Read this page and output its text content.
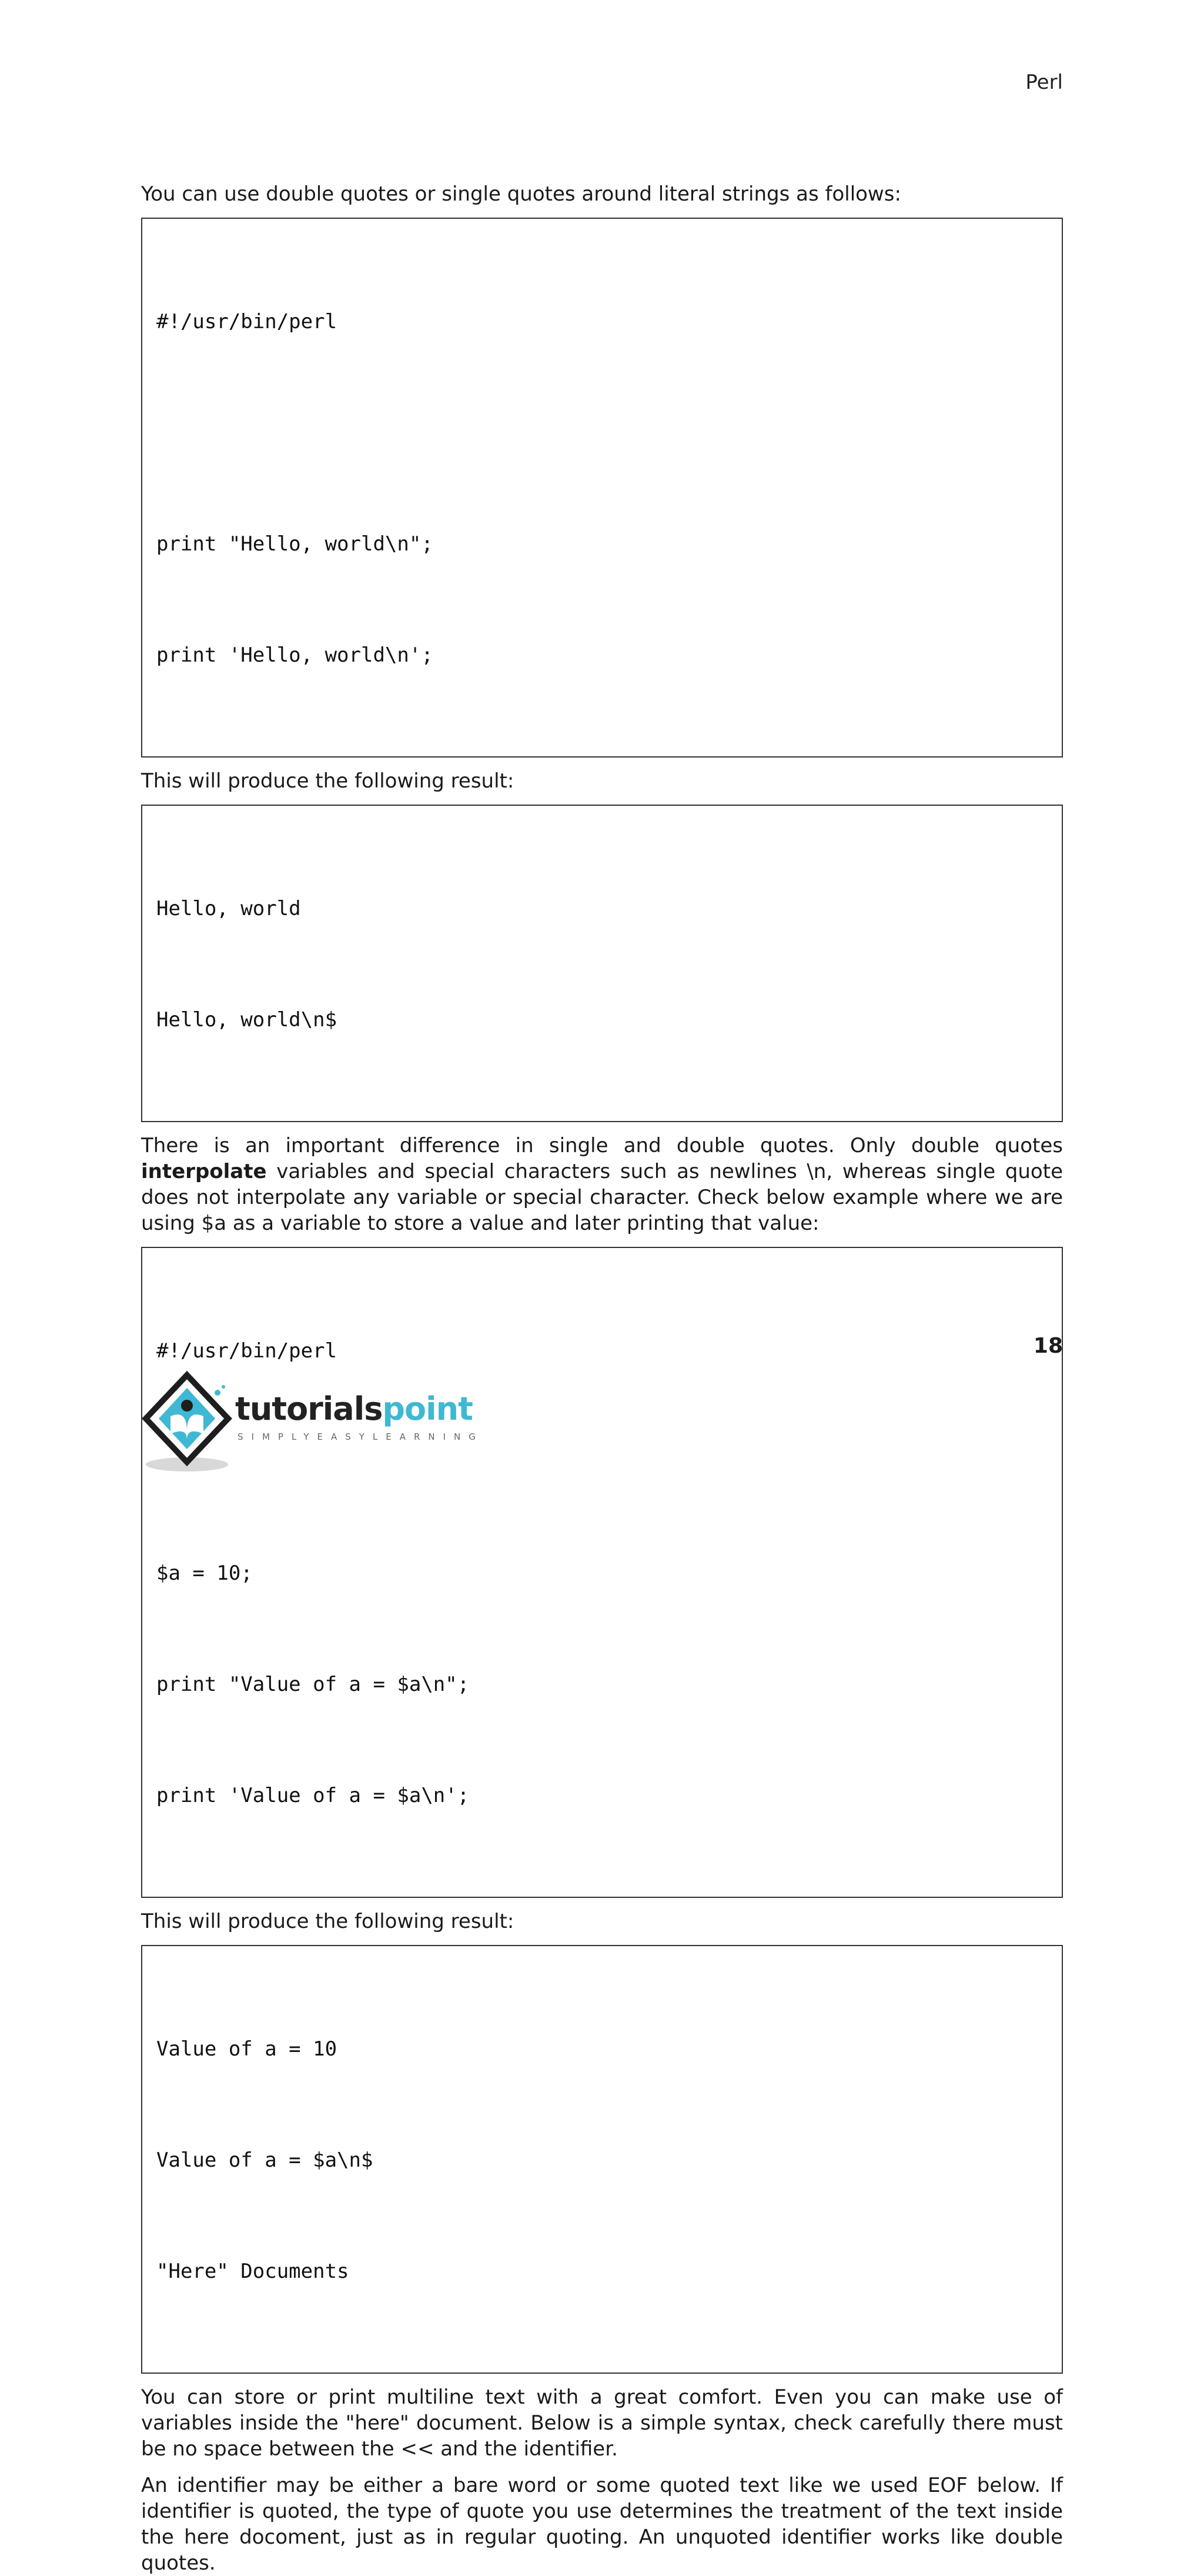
Perl

You can use double quotes or single quotes around literal strings as follows:

#!/usr/bin/perl

print "Hello, world\n";

print 'Hello, world\n';

This will produce the following result:

Hello, world

Hello, world\n$

There is an important difference in single and double quotes. Only double quotes interpolate variables and special characters such as newlines \n, whereas single quote does not interpolate any variable or special character. Check below example where we are using $a as a variable to store a value and later printing that value:

#!/usr/bin/perl

$a = 10;

print "Value of a = $a\n";

print 'Value of a = $a\n';

This will produce the following result:

Value of a = 10

Value of a = $a\n$

"Here" Documents

You can store or print multiline text with a great comfort. Even you can make use of variables inside the "here" document. Below is a simple syntax, check carefully there must be no space between the << and the identifier.

An identifier may be either a bare word or some quoted text like we used EOF below. If identifier is quoted, the type of quote you use determines the treatment of the text inside the here docoment, just as in regular quoting. An unquoted identifier works like double quotes.

18
tutorialspoint
SIMPLYEASYLEARNING
